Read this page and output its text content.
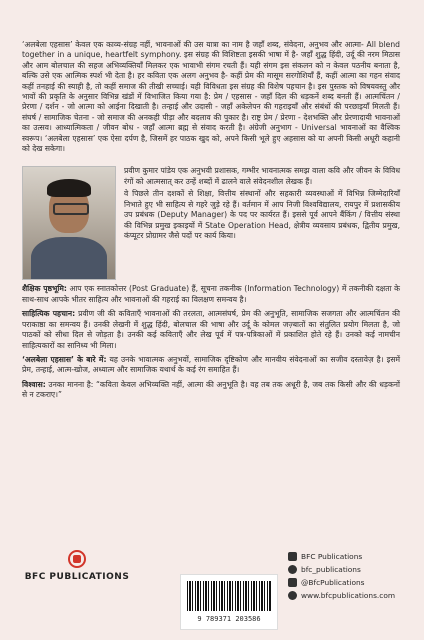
‘अलबेला एहसास’ केवल एक काव्य-संग्रह नहीं, भावनाओं की उस यात्रा का नाम है जहाँ शब्द, संवेदना, अनुभव और आत्मा- All blend together in a unique, heartfelt symphony. इस संग्रह की विशिष्टता इसकी भाषा में है- जहाँ शुद्ध हिंदी, उर्दू की नरम मिठास और आम बोलचाल की सहज अभिव्यक्तियाँ मिलकर एक भावाभी संगम रचती हैं। यही संगम इस संकलन को न केवल पठनीय बनाता है, बल्कि उसे एक आत्मिक स्पर्श भी देता है। हर कविता एक अलग अनुभव है- कहीं प्रेम की मासूम सरगोशियाँ हैं, कहीं आत्मा का गहन संवाद कहीं तनहाई की स्याही है, तो कहीं समाज की तीखी सच्चाई। यही विविधता इस संग्रह की विशेष पहचान है। इस पुस्तक को विषयवस्तु और भावों की प्रकृति के अनुसार विभिन्न खंडों में विभाजित किया गया है: प्रेम / एहसास - जहाँ दिल की धड़कनें शब्द बनती हैं। आत्मचिंतन / प्रेरणा / दर्शन - जो आत्मा को आईना दिखाती है। तन्हाई और उदासी - जहाँ अकेलेपन की गहराइयाँ और संबंधों की परछाइयाँ मिलती हैं। संघर्ष / सामाजिक चेतना - जो समाज की अनकही पीड़ा और बदलाव की पुकार है। राष्ट्र प्रेम / प्रेरणा - देशभक्ति और प्रेरणादायी भावनाओं का उत्सव। आध्यात्मिकता / जीवन बोध - जहाँ आत्मा ब्रह्म से संवाद करती है। अंग्रेजी अनुभाग - Universal भावनाओं का वैश्विक स्वरूप। ‘अलबेला एहसास’ एक ऐसा दर्पण है, जिसमें हर पाठक खुद को, अपने किसी भूले हुए अहसास को या अपनी किसी अधूरी कहानी को देख सकेगा।

प्रवीण कुमार पांडेय एक अनुभवी प्रशासक, गम्भीर भावनात्मक समझ वाला कवि और जीवन के विविध रंगों को आत्मसात् कर उन्हें शब्दों में ढालने वाले संवेदनशील लेखक हैं।

वे पिछले तीन दशकों से शिक्षा, वित्तीय संस्थानों और सहकारी व्यवस्थाओं में विभिन्न जिम्मेदारियाँ निभाते हुए भी साहित्य से गहरे जुड़े रहे हैं। वर्तमान में आप निजी विश्वविद्यालय, रायपुर में प्रशासकीय उप प्रबंधक (Deputy Manager) के पद पर कार्यरत हैं। इससे पूर्व आपने बैंकिंग / वित्तीय संस्था की विभिन्न प्रमुख इकाइयों में State Operation Head, क्षेत्रीय व्यवसाय प्रबंधक, द्वितीय प्रमुख, कंप्यूटर प्रोग्रामर जैसे पदों पर कार्य किया।

शैक्षिक पृष्ठभूमि: आप एक स्नातकोत्तर (Post Graduate) हैं, सूचना तकनीक (Information Technology) में तकनीकी दक्षता के साथ-साथ आपके भीतर साहित्य और भावनाओं की गहराई का विलक्षण समन्वय है।

साहित्यिक पहचान: प्रवीण जी की कविताएँ भावनाओं की तरलता, आत्मसंघर्ष, प्रेम की अनुभूति, सामाजिक सजगता और आत्मचिंतन की पराकाष्ठा का समन्वय हैं। उनकी लेखनी में शुद्ध हिंदी, बोलचाल की भाषा और उर्दू के कोमल जज़्बातों का संतुलित प्रयोग मिलता है, जो पाठकों को सीधा दिल से जोड़ता है। उनकी कई कविताएँ और लेख पूर्व में पत्र-पत्रिकाओं में प्रकाशित होते रहे हैं। उनको कई नामचीन साहित्यकारों का सानिध्य भी मिला।

‘अलबेला एहसास’ के बारे में: यह उनके भावात्मक अनुभवों, सामाजिक दृष्टिकोण और मानवीय संवेदनाओं का सजीव दस्तावेज़ है। इसमें प्रेम, तन्हाई, आत्म-खोज, अध्यात्म और सामाजिक यथार्थ के कई रंग समाहित हैं।

विश्वास: उनका मानना है: “कविता केवल अभिव्यक्ति नहीं, आत्मा की अनुभूति है। वह तब तक अधूरी है, जब तक किसी और की धड़कनों से न टकराए।”

BFC PUBLICATIONS
9 789371 203586
BFC Publications
bfc_publications
@BfcPublications
www.bfcpublications.com
